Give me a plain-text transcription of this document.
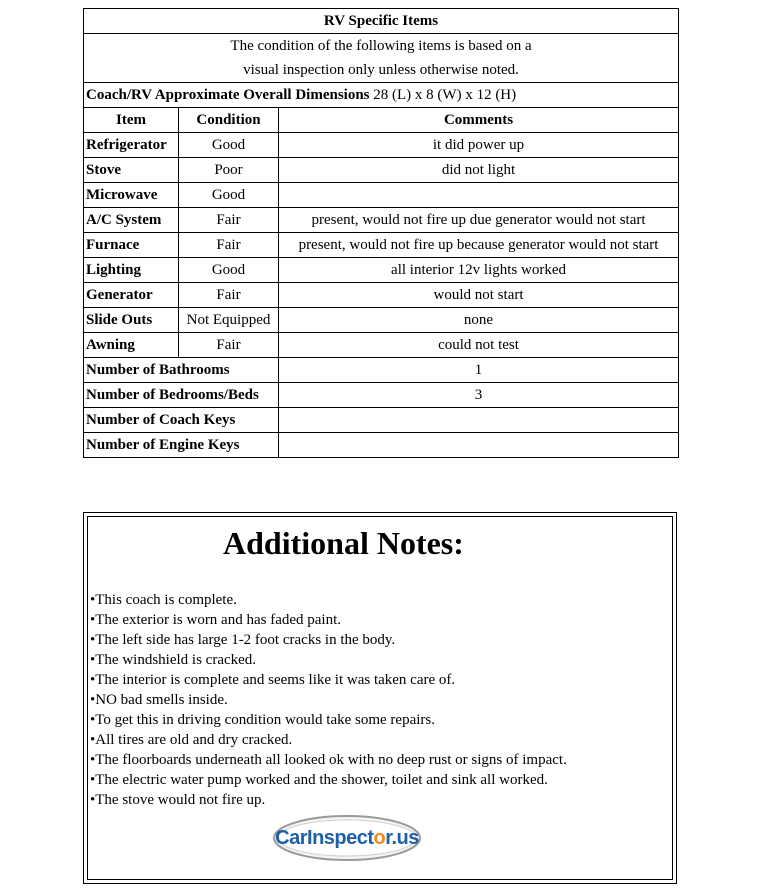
RV Specific Items		

The condition of the following items is based on a
visual inspection only unless otherwise noted.		

Coach/RV Approximate Overall Dimensions 28 (L) x 8 (W) x 12 (H)		
Item	Condition	Comments
Refrigerator	Good	it did power up
Stove	Poor	did not light
Microwave	Good	
A/C System	Fair	present, would not fire up due generator would not start
Furnace	Fair	present, would not fire up because generator would not start
Lighting	Good	all interior 12v lights worked
Generator	Fair	would not start
Slide Outs	Not Equipped	none
Awning	Fair	could not test
Number of Bathrooms		1
Number of Bedrooms/Beds		3
Number of Coach Keys		
Number of Engine Keys		
Additional Notes:
• This coach is complete.
• The exterior is worn and has faded paint.
• The left side has large 1-2 foot cracks in the body.
• The windshield is cracked.
• The interior is complete and seems like it was taken care of.
• NO bad smells inside.
• To get this in driving condition would take some repairs.
• All tires are old and dry cracked.
• The floorboards underneath all looked ok with no deep rust or signs of impact.
• The electric water pump worked and the shower, toilet and sink all worked.
• The stove would not fire up.
CarInspector.us
